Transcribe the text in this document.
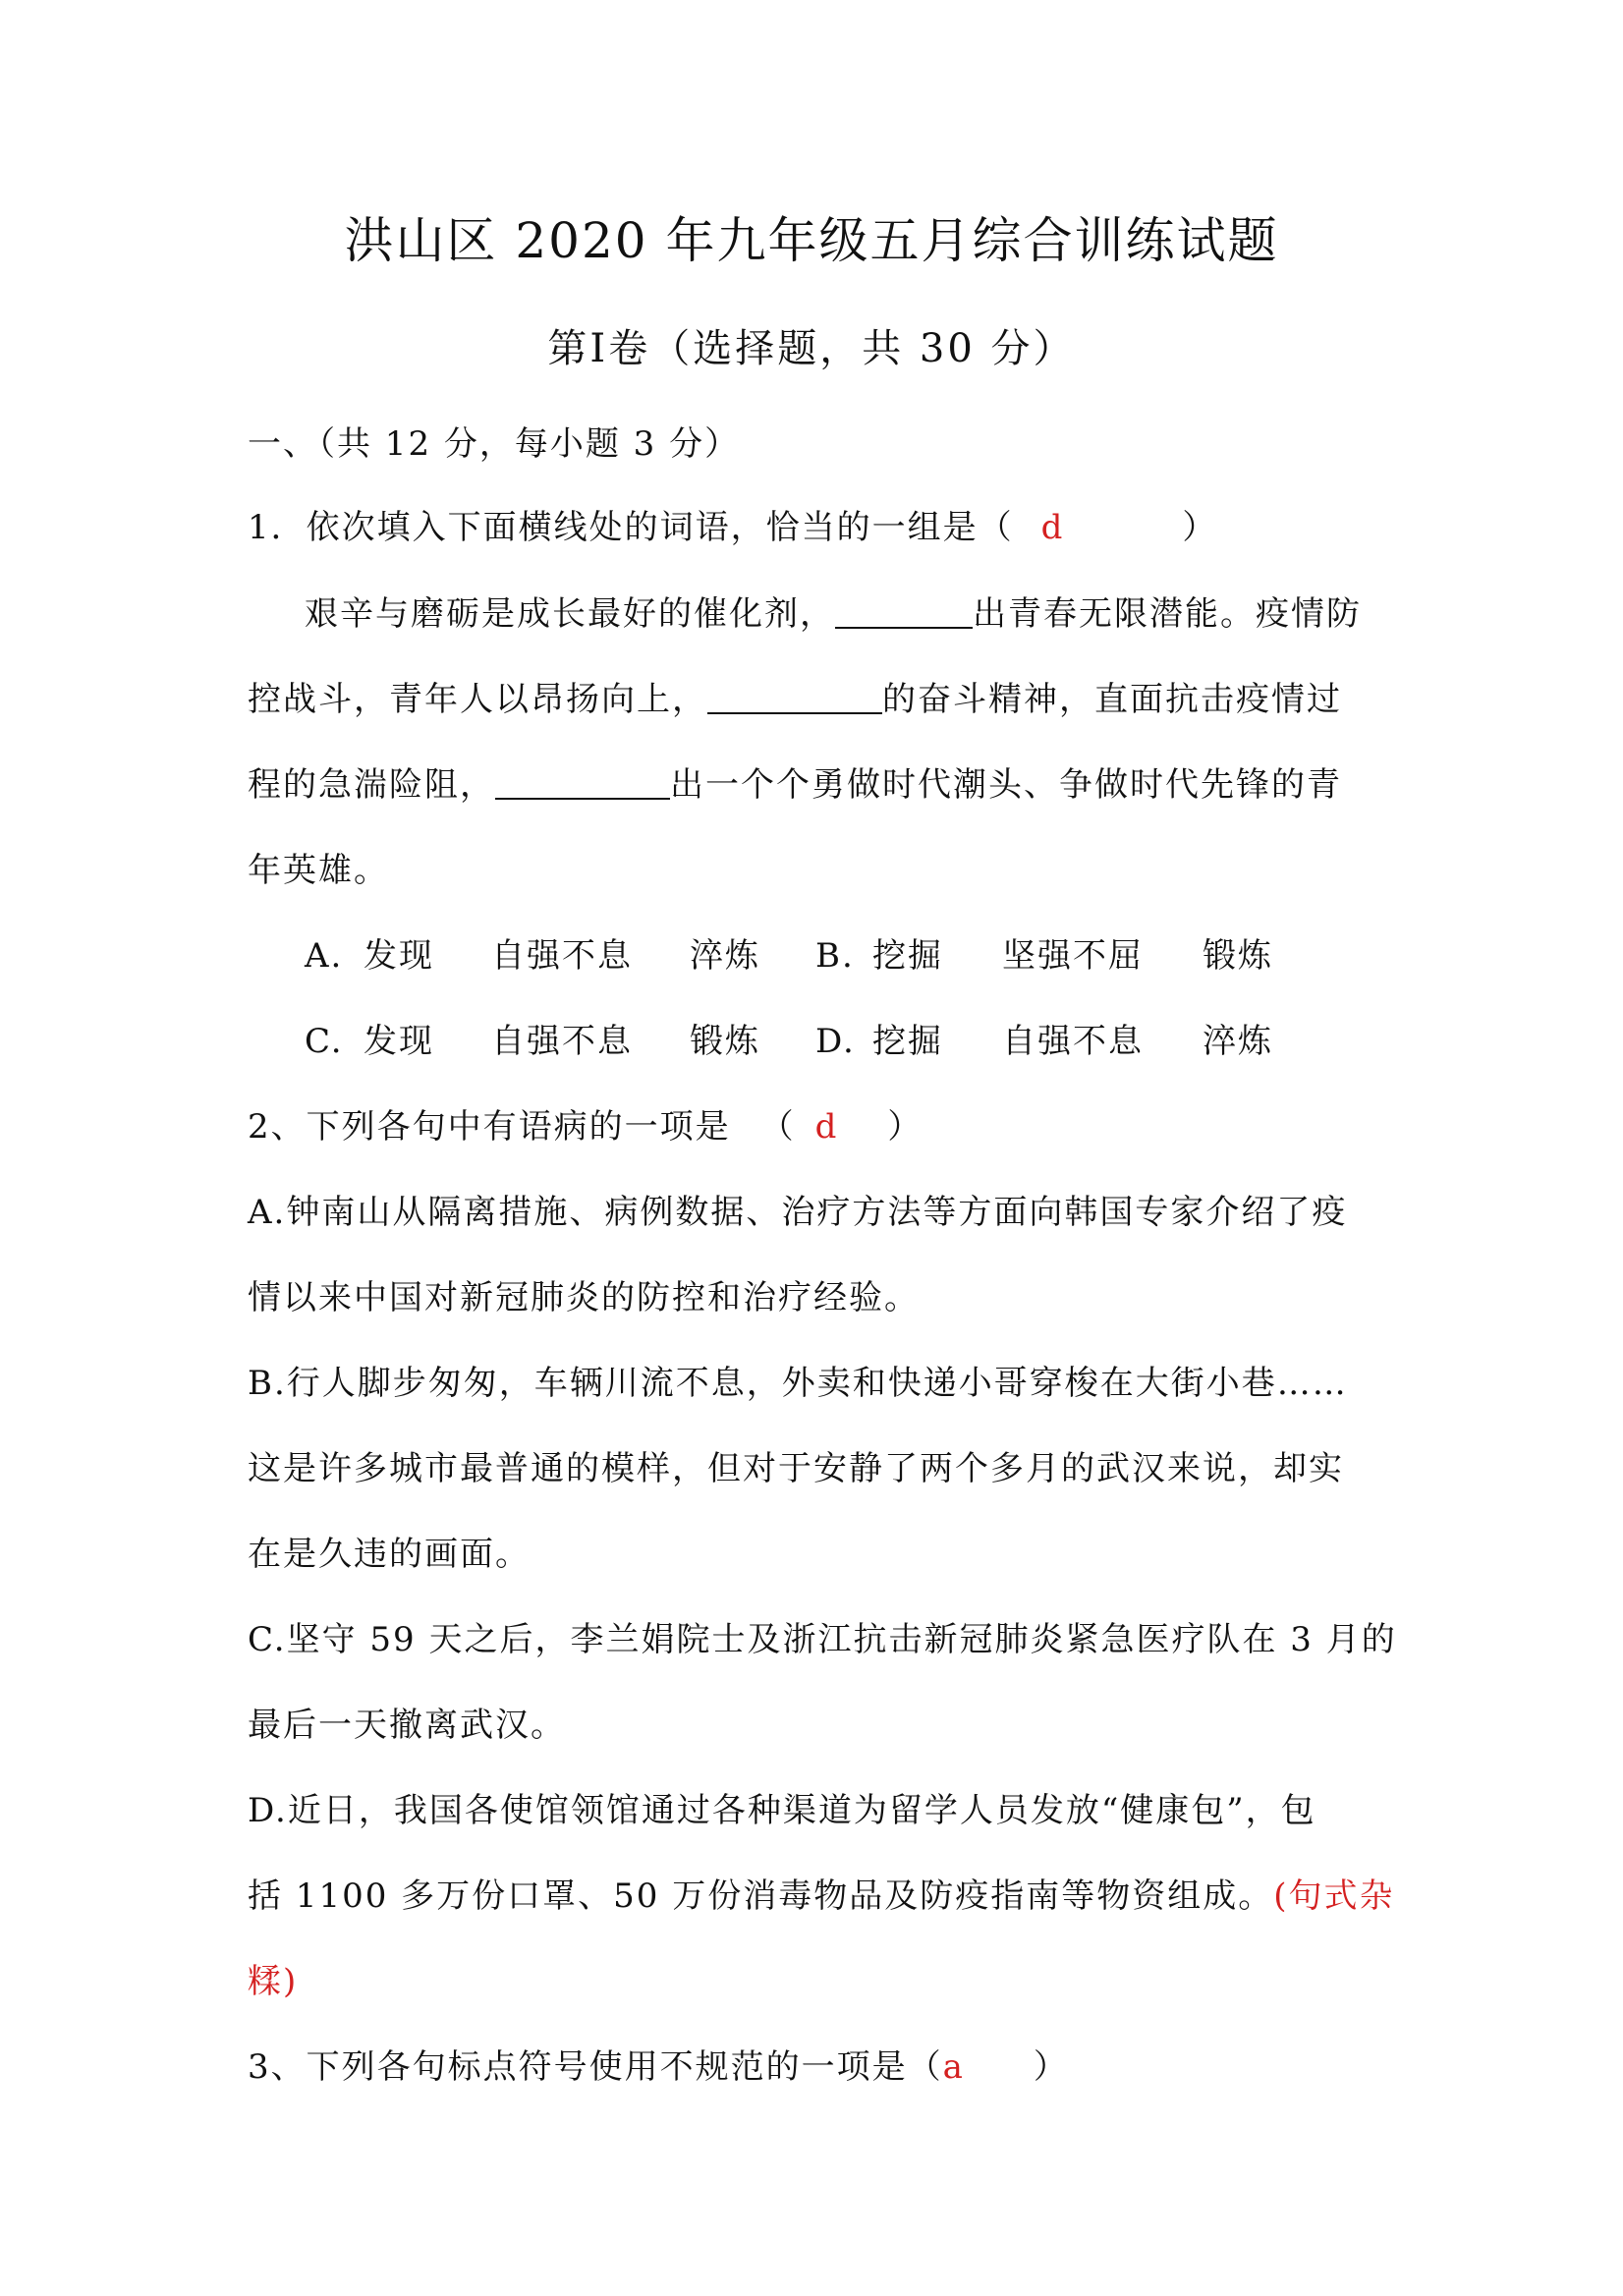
洪山区 2020 年九年级五月综合训练试题
第Ⅰ卷（选择题，共 30 分）
一、（共 12 分，每小题 3 分）
1．依次填入下面横线处的词语，恰当的一组是（ d	）
艰辛与磨砺是成长最好的催化剂，	出青春无限潜能。疫情防
控战斗，青年人以昂扬向上，	的奋斗精神，直面抗击疫情过
程的急湍险阻，	出一个个勇做时代潮头、争做时代先锋的青
年英雄。
A. 发现 自强不息 淬炼 B. 挖掘 坚强不屈 锻炼
C. 发现 自强不息 锻炼 D. 挖掘 自强不息 淬炼
2、下列各句中有语病的一项是 （ d ）
A.钟南山从隔离措施、病例数据、治疗方法等方面向韩国专家介绍了疫
情以来中国对新冠肺炎的防控和治疗经验。
B.行人脚步匆匆，车辆川流不息，外卖和快递小哥穿梭在大街小巷……
这是许多城市最普通的模样，但对于安静了两个多月的武汉来说，却实
在是久违的画面。
C.坚守 59 天之后，李兰娟院士及浙江抗击新冠肺炎紧急医疗队在 3 月的
最后一天撤离武汉。
D.近日，我国各使馆领馆通过各种渠道为留学人员发放“健康包”，包
括 1100 多万份口罩、50 万份消毒物品及防疫指南等物资组成。(句式杂
糅)
3、下列各句标点符号使用不规范的一项是（a ）
